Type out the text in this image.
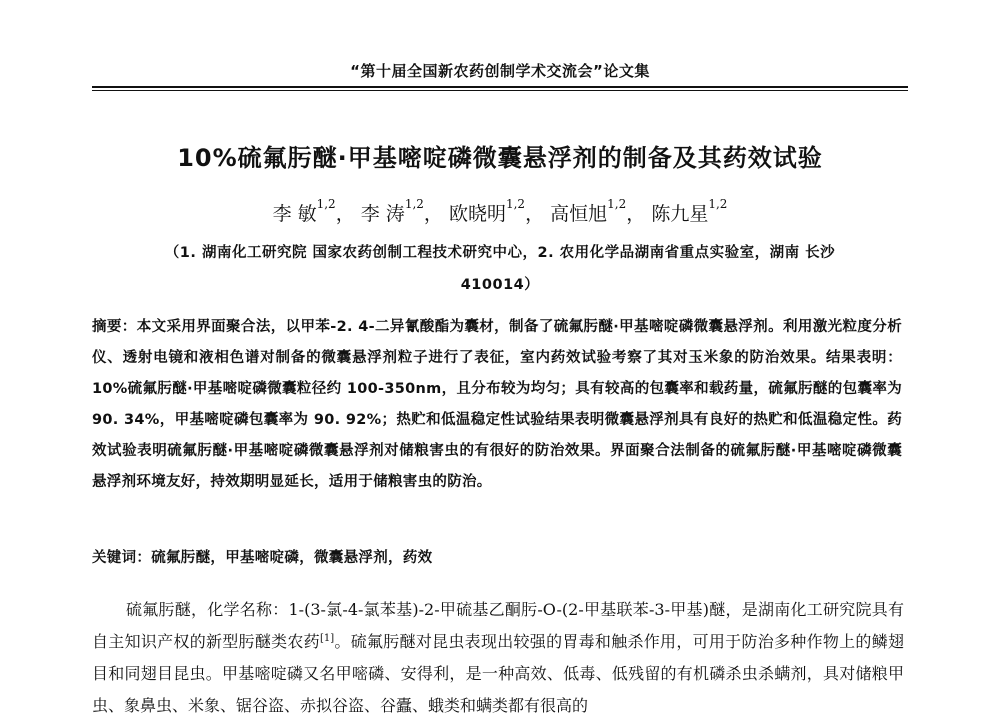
“第十届全国新农药创制学术交流会”论文集
10%硫氟肟醚·甲基嘧啶磷微囊悬浮剂的制备及其药效试验
李 敏$^{1,2}$， 李 涛$^{1,2}$， 欧晓明$^{1,2}$， 高恒旭$^{1,2}$， 陈九星$^{1,2}$
（1. 湖南化工研究院 国家农药创制工程技术研究中心，2. 农用化学品湖南省重点实验室，湖南 长沙
410014）
摘要：本文采用界面聚合法，以甲苯-2. 4-二异氰酸酯为囊材，制备了硫氟肟醚·甲基嘧啶磷微囊悬浮剂。利用激光粒度分析仪、透射电镜和液相色谱对制备的微囊悬浮剂粒子进行了表征，室内药效试验考察了其对玉米象的防治效果。结果表明：10%硫氟肟醚·甲基嘧啶磷微囊粒径约 100-350nm，且分布较为均匀；具有较高的包囊率和载药量，硫氟肟醚的包囊率为 90. 34%，甲基嘧啶磷包囊率为 90. 92%；热贮和低温稳定性试验结果表明微囊悬浮剂具有良好的热贮和低温稳定性。药效试验表明硫氟肟醚·甲基嘧啶磷微囊悬浮剂对储粮害虫的有很好的防治效果。界面聚合法制备的硫氟肟醚·甲基嘧啶磷微囊悬浮剂环境友好，持效期明显延长，适用于储粮害虫的防治。
关键词：硫氟肟醚，甲基嘧啶磷，微囊悬浮剂，药效
硫氟肟醚，化学名称：1-(3-氯-4-氯苯基)-2-甲硫基乙酮肟-O-(2-甲基联苯-3-甲基)醚，是湖南化工研究院具有自主知识产权的新型肟醚类农药[1]。硫氟肟醚对昆虫表现出较强的胃毒和触杀作用，可用于防治多种作物上的鳞翅目和同翅目昆虫。甲基嘧啶磷又名甲嘧磷、安得利，是一种高效、低毒、低残留的有机磷杀虫杀螨剂，具对储粮甲虫、象鼻虫、米象、锯谷盗、赤拟谷盗、谷蠹、蛾类和螨类都有很高的
